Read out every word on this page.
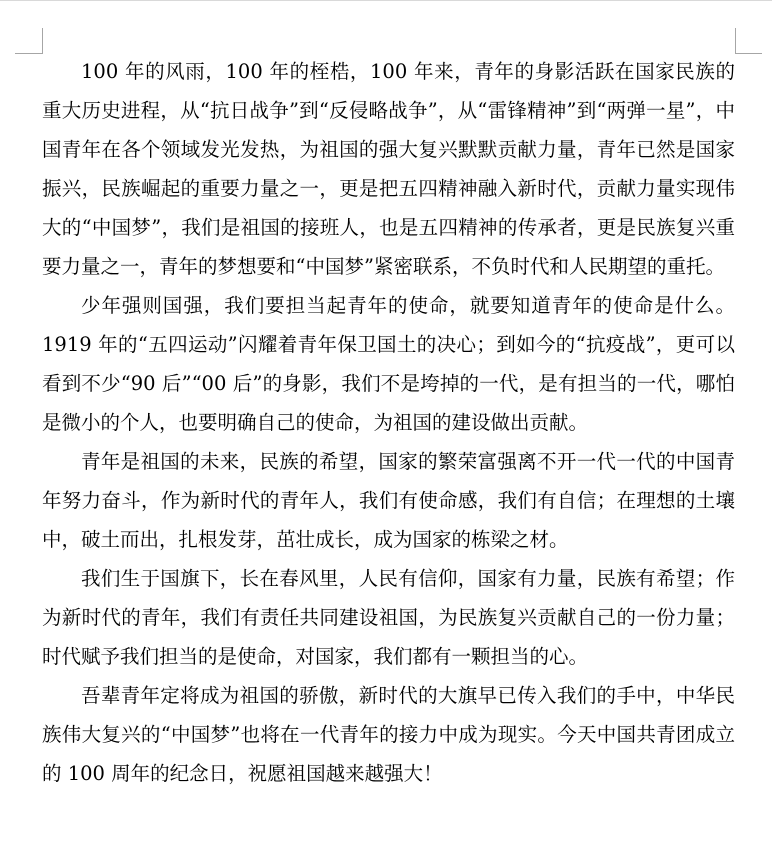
100 年的风雨，100 年的桎梏，100 年来，青年的身影活跃在国家民族的重大历史进程，从“抗日战争”到“反侵略战争”，从“雷锋精神”到“两弹一星”，中国青年在各个领域发光发热，为祖国的强大复兴默默贡献力量，青年已然是国家振兴，民族崛起的重要力量之一，更是把五四精神融入新时代，贡献力量实现伟大的“中国梦”，我们是祖国的接班人，也是五四精神的传承者，更是民族复兴重要力量之一，青年的梦想要和“中国梦”紧密联系，不负时代和人民期望的重托。

少年强则国强，我们要担当起青年的使命，就要知道青年的使命是什么。1919 年的“五四运动”闪耀着青年保卫国土的决心；到如今的“抗疫战”，更可以看到不少“90 后”“00 后”的身影，我们不是垮掉的一代，是有担当的一代，哪怕是微小的个人，也要明确自己的使命，为祖国的建设做出贡献。

青年是祖国的未来，民族的希望，国家的繁荣富强离不开一代一代的中国青年努力奋斗，作为新时代的青年人，我们有使命感，我们有自信；在理想的土壤中，破土而出，扎根发芽，茁壮成长，成为国家的栋梁之材。

我们生于国旗下，长在春风里，人民有信仰，国家有力量，民族有希望；作为新时代的青年，我们有责任共同建设祖国，为民族复兴贡献自己的一份力量；时代赋予我们担当的是使命，对国家，我们都有一颗担当的心。

吾辈青年定将成为祖国的骄傲，新时代的大旗早已传入我们的手中，中华民族伟大复兴的“中国梦”也将在一代青年的接力中成为现实。今天中国共青团成立的 100 周年的纪念日，祝愿祖国越来越强大！
